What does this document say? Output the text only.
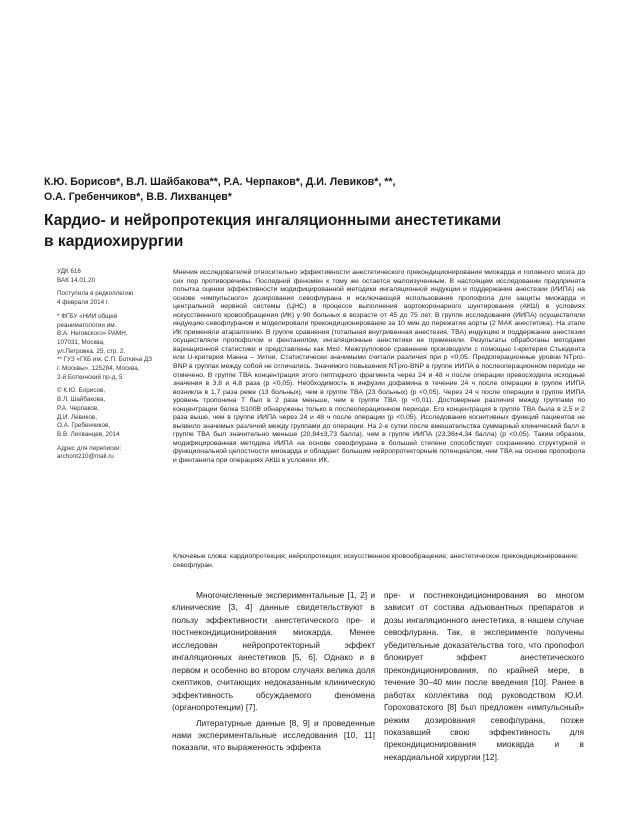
К.Ю. Борисов*, В.Л. Шайбакова**, Р.А. Черпаков*, Д.И. Левиков*, **,
О.А. Гребенчиков*, В.В. Лихванцев*
Кардио- и нейропротекция ингаляционными анестетиками
в кардиохирургии
УДК 616
ВАК 14.01.20
Поступила в редколлегию
4 февраля 2014 г.
* ФГБУ «НИИ общей
реаниматологии им.
В.А. Неговского» РАМН,
107031, Москва,
ул.Петровка, 25, стр. 2,
** ГУЗ «ГКБ им. С.П. Боткина ДЗ
г. Москвы», 125284, Москва,
2-й Боткинский пр-д, 5
© К.Ю. Борисов,
В.Л. Шайбакова,
Р.А. Черпаков,
Д.И. Левиков,
О.А. Гребенчиков,
В.В. Лихванцев, 2014
Адрес для переписки:
archont210@mail.ru

Мнения исследователей относительно эффективности анестетического прекондиционирования миокарда и головного мозга до сих пор противоречивы. Последний феномен к тому же остается малоизученным. В настоящем исследовании предпринята попытка оценки эффективности модифицированной методики ингаляционной индукции и поддержания анестезии (ИИПА) на основе «импульсного» дозирования севофлурана и исключающей использование пропофола для защиты миокарда и центральной нервной системы (ЦНС) в процессе выполнения аортокоронарного шунтирования (АКШ) в условиях искусственного кровообращения (ИК) у 90 больных в возрасте от 45 до 75 лет. В группе исследования (ИИПА) осуществляли индукцию севофлураном и моделировали прекондиционирование за 10 мин до пережатия аорты (2 МАК анестетика). На этапе ИК применяли атаралгезию. В группе сравнения (тотальная внутривенная анестезия, ТВА) индукцию и поддержание анестезии осуществляли пропофолом и фентанилом, ингаляционные анестетики не применяли. Результаты обработаны методами вариационной статистики и представлены как M±σ. Межгрупповое сравнение производили с помощью t-критерия Стьюдента или U-критерия Манна – Уитни. Статистически значимыми считали различия при p <0,05. Предоперационные уровни NTpro-BNP в группах между собой не отличались. Значимого повышения NTpro-BNP в группе ИИПА в послеоперационном периоде не отмечено. В группе ТВА концентрация этого пептидного фрагмента через 24 и 48 ч после операции превосходила исходные значения в 3,8 и 4,8 раза (p <0,05). Необходимость в инфузии дофамина в течение 24 ч после операции в группе ИИПА возникла в 1,7 раза реже (13 больных), чем в группе ТВА (23 больных) (p <0,05). Через 24 ч после операции в группе ИИПА уровень тропонина Т был в 2 раза меньше, чем в группе ТВА (p <0,01). Достоверные различия между группами по концентрации белка S100B обнаружены только в послеоперационном периоде. Его концентрация в группе ТВА была в 2,5 и 2 раза выше, чем в группе ИИПА через 24 и 48 ч после операции (p <0,05). Исследование когнитивных функций пациентов не выявило значимых различий между группами до операции. На 2-е сутки после вмешательства суммарный клинический балл в группе ТВА был значительно меньше (20,84±3,73 балла), чем в группе ИИПА (23,36±4,34 балла) (p <0,05). Таким образом, модифицированная методика ИИПА на основе севофлурана в большей степени способствует сохранению структурной и функциональной целостности миокарда и обладает большим нейропротекторным потенциалом, чем ТВА на основе пропофола и фентанила при операциях АКШ в условиях ИК.

Ключевые слова: кардиопротекция; нейропротекция; искусственное кровообращение; анестетическое прекондиционирование; севофлуран.

Многочисленные экспериментальные [1, 2] и клинические [3, 4] данные свидетельствуют в пользу эффективности анестетического пре- и постнекондиционирования миокарда. Менее исследован нейропротекторный эффект ингаляционных анестетиков [5, 6]. Однако и в первом и особенно во втором случаях велика доля скептиков, считающих недоказанным клиническую эффективность обсуждаемого феномена (органопротекции) [7].

Литературные данные [8, 9] и проведенные нами экспериментальные исследования [10, 11] показали, что выраженность эффекта

пре- и постнекондиционирования во многом зависит от состава адъювантных препаратов и дозы ингаляционного анестетика, в нашем случае севофлурана. Так, в эксперименте получены убедительные доказательства того, что пропофол блокирует эффект анестетического прекондиционирования, по крайней мере, в течение 30–40 мин после введения [10]. Ранее в работах коллектива под руководством Ю.И. Гороховатского [8] был предложен «импульсный» режим дозирования севофлурана, позже показавший свою эффективность для прекондиционирования миокарда и в некардиальной хирургии [12].
